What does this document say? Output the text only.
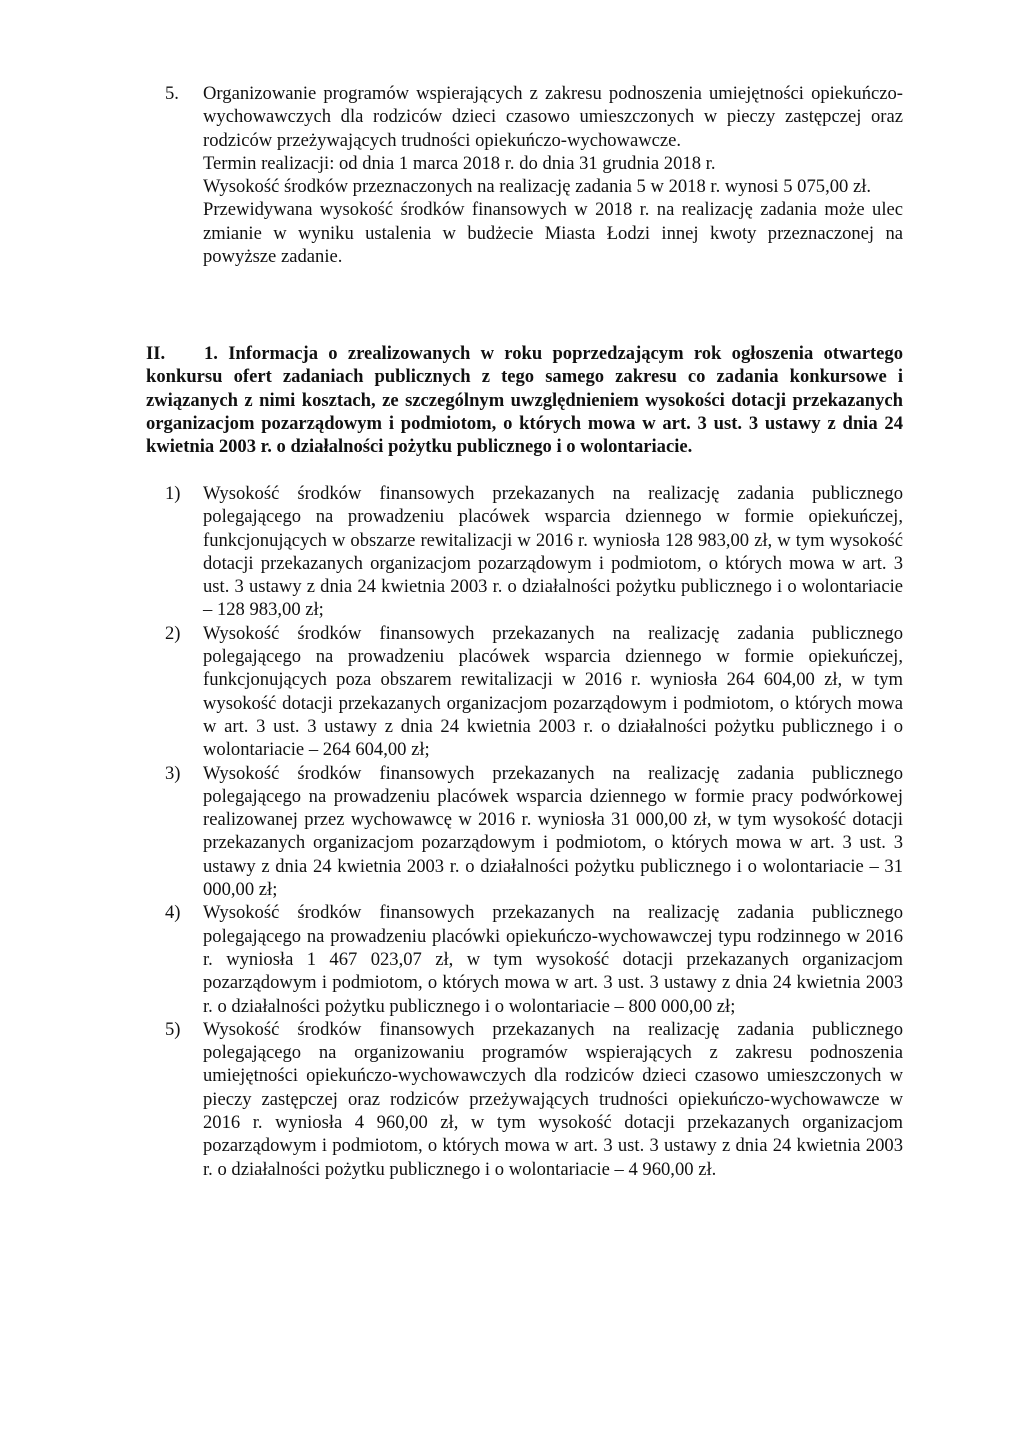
5.	Organizowanie programów wspierających z zakresu podnoszenia umiejętności opiekuńczo-wychowawczych dla rodziców dzieci czasowo umieszczonych w pieczy zastępczej oraz rodziców przeżywających trudności opiekuńczo-wychowawcze.

Termin realizacji: od dnia 1 marca 2018 r. do dnia 31 grudnia 2018 r.

Wysokość środków przeznaczonych na realizację zadania 5 w 2018 r. wynosi 5 075,00 zł.

Przewidywana wysokość środków finansowych w 2018 r. na realizację zadania może ulec zmianie w wyniku ustalenia w budżecie Miasta Łodzi innej kwoty przeznaczonej na powyższe zadanie.

II.	1. Informacja o zrealizowanych w roku poprzedzającym rok ogłoszenia otwartego konkursu ofert zadaniach publicznych z tego samego zakresu co zadania konkursowe i związanych z nimi kosztach, ze szczególnym uwzględnieniem wysokości dotacji przekazanych organizacjom pozarządowym i podmiotom, o których mowa w art. 3 ust. 3 ustawy z dnia 24 kwietnia 2003 r. o działalności pożytku publicznego i o wolontariacie.
1)	Wysokość środków finansowych przekazanych na realizację zadania publicznego polegającego na prowadzeniu placówek wsparcia dziennego w formie opiekuńczej, funkcjonujących w obszarze rewitalizacji w 2016 r. wyniosła 128 983,00 zł, w tym wysokość dotacji przekazanych organizacjom pozarządowym i podmiotom, o których mowa w art. 3 ust. 3 ustawy z dnia 24 kwietnia 2003 r. o działalności pożytku publicznego i o wolontariacie – 128 983,00 zł;
2)	Wysokość środków finansowych przekazanych na realizację zadania publicznego polegającego na prowadzeniu placówek wsparcia dziennego w formie opiekuńczej, funkcjonujących poza obszarem rewitalizacji w 2016 r. wyniosła 264 604,00 zł, w tym wysokość dotacji przekazanych organizacjom pozarządowym i podmiotom, o których mowa w art. 3 ust. 3 ustawy z dnia 24 kwietnia 2003 r. o działalności pożytku publicznego i o wolontariacie – 264 604,00 zł;
3)	Wysokość środków finansowych przekazanych na realizację zadania publicznego polegającego na prowadzeniu placówek wsparcia dziennego w formie pracy podwórkowej realizowanej przez wychowawcę w 2016 r. wyniosła 31 000,00 zł, w tym wysokość dotacji przekazanych organizacjom pozarządowym i podmiotom, o których mowa w art. 3 ust. 3 ustawy z dnia 24 kwietnia 2003 r. o działalności pożytku publicznego i o wolontariacie – 31 000,00 zł;
4)	Wysokość środków finansowych przekazanych na realizację zadania publicznego polegającego na prowadzeniu placówki opiekuńczo-wychowawczej typu rodzinnego w 2016 r. wyniosła 1 467 023,07 zł, w tym wysokość dotacji przekazanych organizacjom pozarządowym i podmiotom, o których mowa w art. 3 ust. 3 ustawy z dnia 24 kwietnia 2003 r. o działalności pożytku publicznego i o wolontariacie – 800 000,00 zł;
5)	Wysokość środków finansowych przekazanych na realizację zadania publicznego polegającego na organizowaniu programów wspierających z zakresu podnoszenia umiejętności opiekuńczo-wychowawczych dla rodziców dzieci czasowo umieszczonych w pieczy zastępczej oraz rodziców przeżywających trudności opiekuńczo-wychowawcze w 2016 r. wyniosła 4 960,00 zł, w tym wysokość dotacji przekazanych organizacjom pozarządowym i podmiotom, o których mowa w art. 3 ust. 3 ustawy z dnia 24 kwietnia 2003 r. o działalności pożytku publicznego i o wolontariacie – 4 960,00 zł.
